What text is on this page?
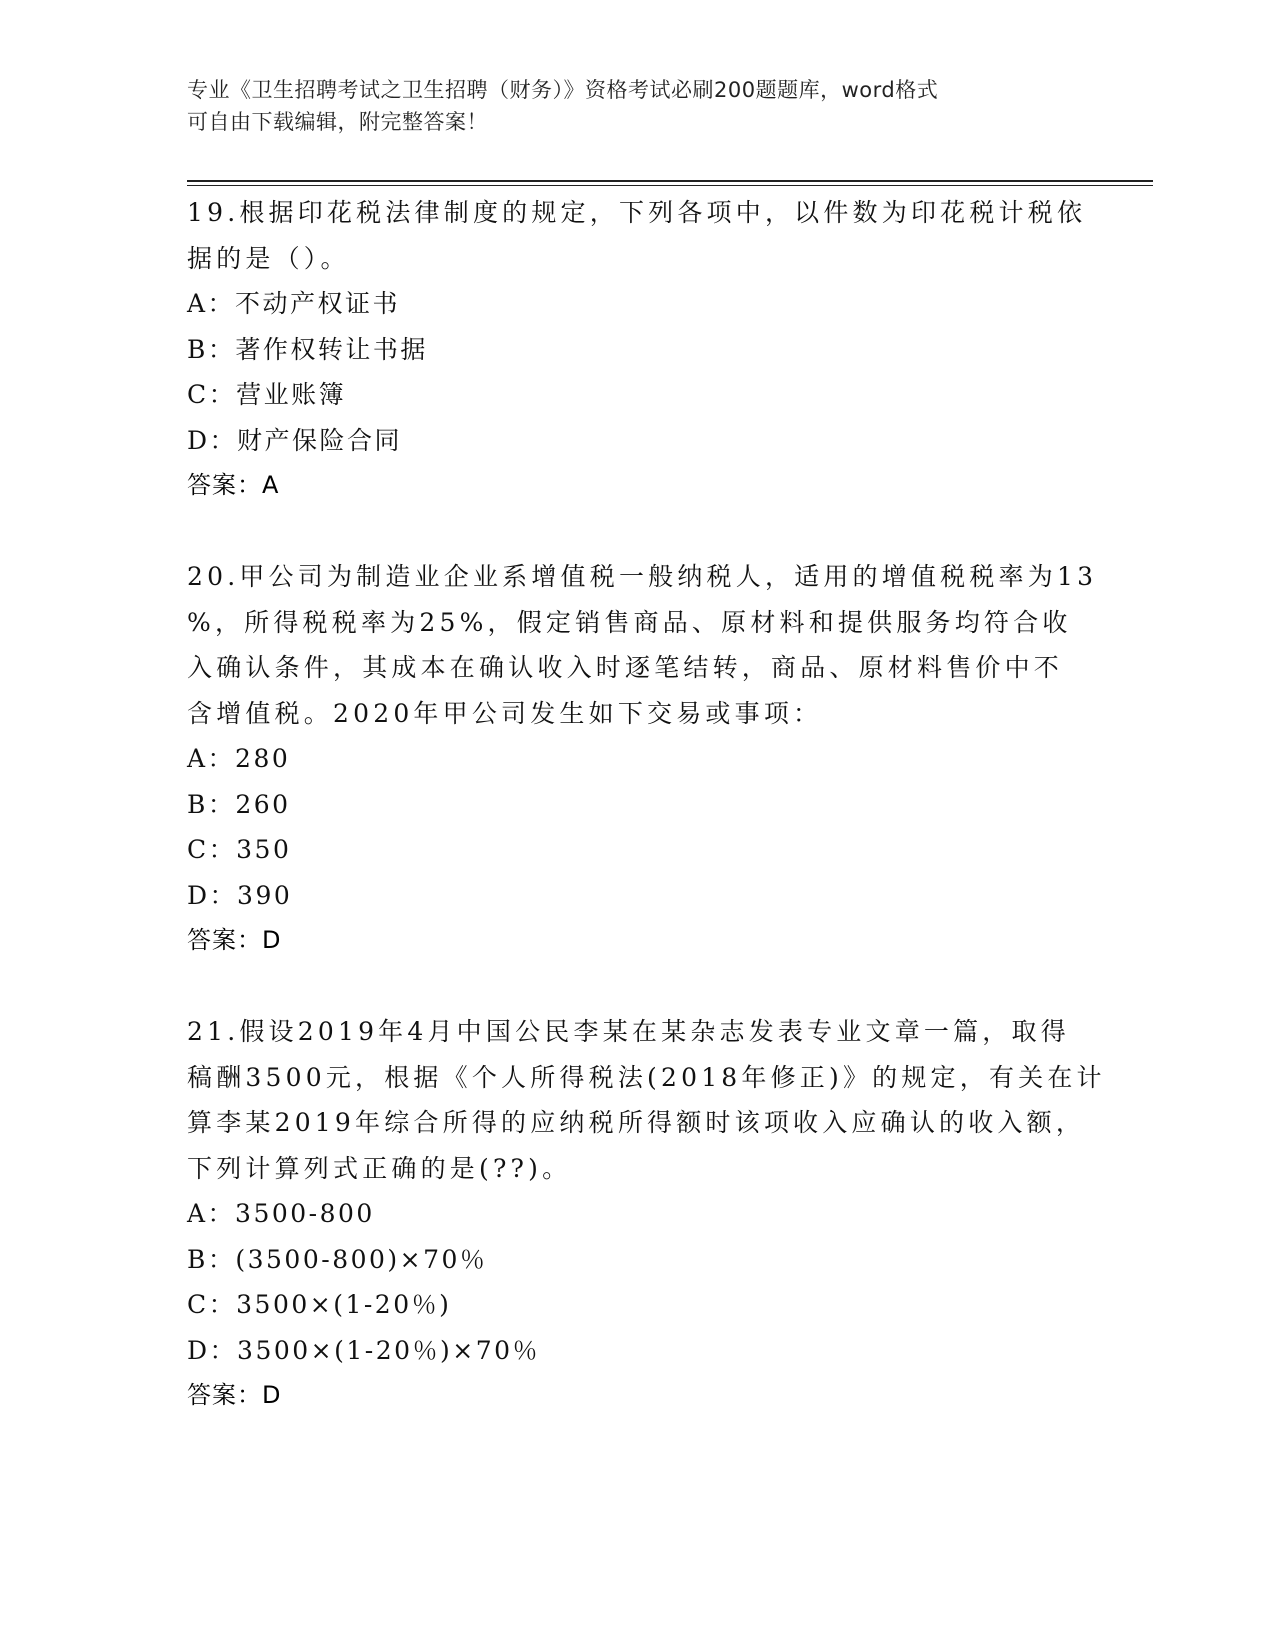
专业《卫生招聘考试之卫生招聘（财务）》资格考试必刷200题题库，word格式
可自由下载编辑，附完整答案！
19.根据印花税法律制度的规定，下列各项中，以件数为印花税计税依
据的是（）。
A：不动产权证书
B：著作权转让书据
C：营业账簿
D：财产保险合同
答案：A
20.甲公司为制造业企业系增值税一般纳税人，适用的增值税税率为13
%，所得税税率为25%，假定销售商品、原材料和提供服务均符合收
入确认条件，其成本在确认收入时逐笔结转，商品、原材料售价中不
含增值税。2020年甲公司发生如下交易或事项：
A：280
B：260
C：350
D：390
答案：D
21.假设2019年4月中国公民李某在某杂志发表专业文章一篇，取得
稿酬3500元，根据《个人所得税法(2018年修正)》的规定，有关在计
算李某2019年综合所得的应纳税所得额时该项收入应确认的收入额，
下列计算列式正确的是(??)。
A：3500-800
B：(3500-800)×70％
C：3500×(1-20％)
D：3500×(1-20％)×70％
答案：D
